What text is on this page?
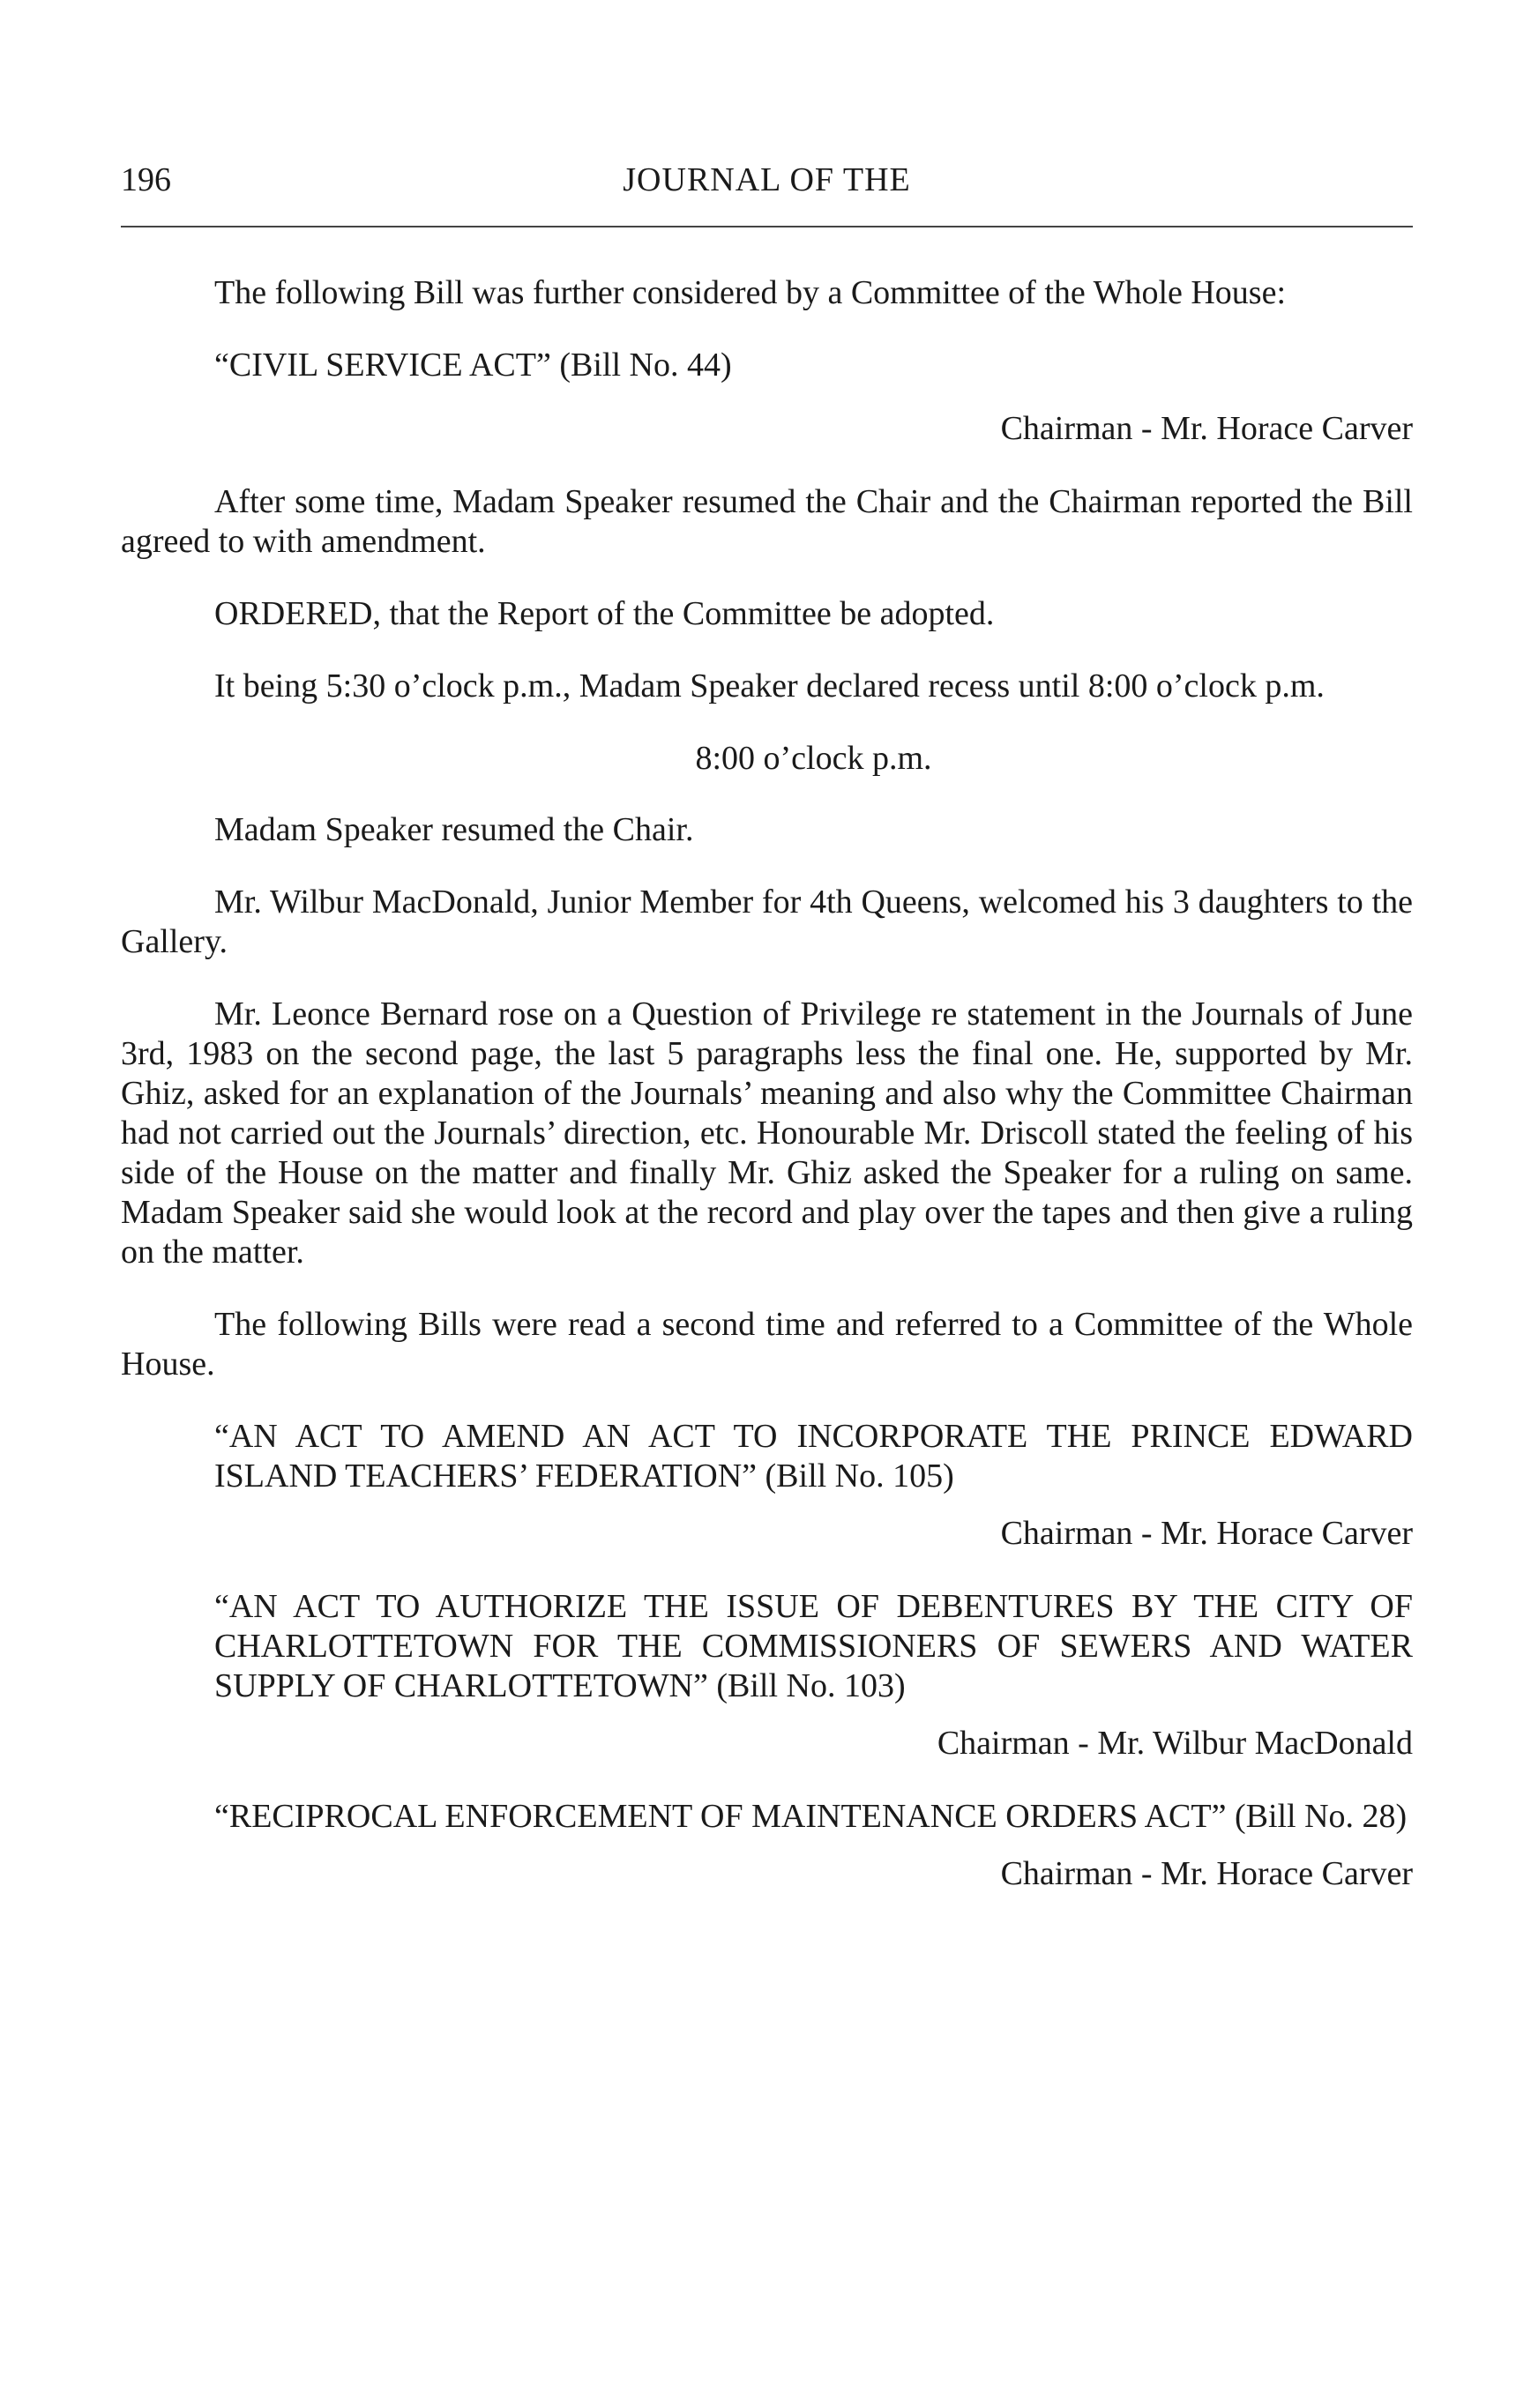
196	JOURNAL OF THE

The following Bill was further considered by a Committee of the Whole House:

“CIVIL SERVICE ACT” (Bill No. 44)

Chairman - Mr. Horace Carver

After some time, Madam Speaker resumed the Chair and the Chairman reported the Bill agreed to with amendment.

ORDERED, that the Report of the Committee be adopted.

It being 5:30 o’clock p.m., Madam Speaker declared recess until 8:00 o’clock p.m.

8:00 o’clock p.m.

Madam Speaker resumed the Chair.

Mr. Wilbur MacDonald, Junior Member for 4th Queens, welcomed his 3 daughters to the Gallery.

Mr. Leonce Bernard rose on a Question of Privilege re statement in the Journals of June 3rd, 1983 on the second page, the last 5 paragraphs less the final one. He, supported by Mr. Ghiz, asked for an explanation of the Journals’ meaning and also why the Committee Chairman had not carried out the Journals’ direction, etc. Honourable Mr. Driscoll stated the feeling of his side of the House on the matter and finally Mr. Ghiz asked the Speaker for a ruling on same. Madam Speaker said she would look at the record and play over the tapes and then give a ruling on the matter.

The following Bills were read a second time and referred to a Committee of the Whole House.

“AN ACT TO AMEND AN ACT TO INCORPORATE THE PRINCE EDWARD ISLAND TEACHERS’ FEDERATION” (Bill No. 105)

Chairman - Mr. Horace Carver

“AN ACT TO AUTHORIZE THE ISSUE OF DEBENTURES BY THE CITY OF CHARLOTTETOWN FOR THE COMMISSIONERS OF SEWERS AND WATER SUPPLY OF CHARLOTTETOWN” (Bill No. 103)

Chairman - Mr. Wilbur MacDonald

“RECIPROCAL ENFORCEMENT OF MAINTENANCE ORDERS ACT” (Bill No. 28)

Chairman - Mr. Horace Carver
